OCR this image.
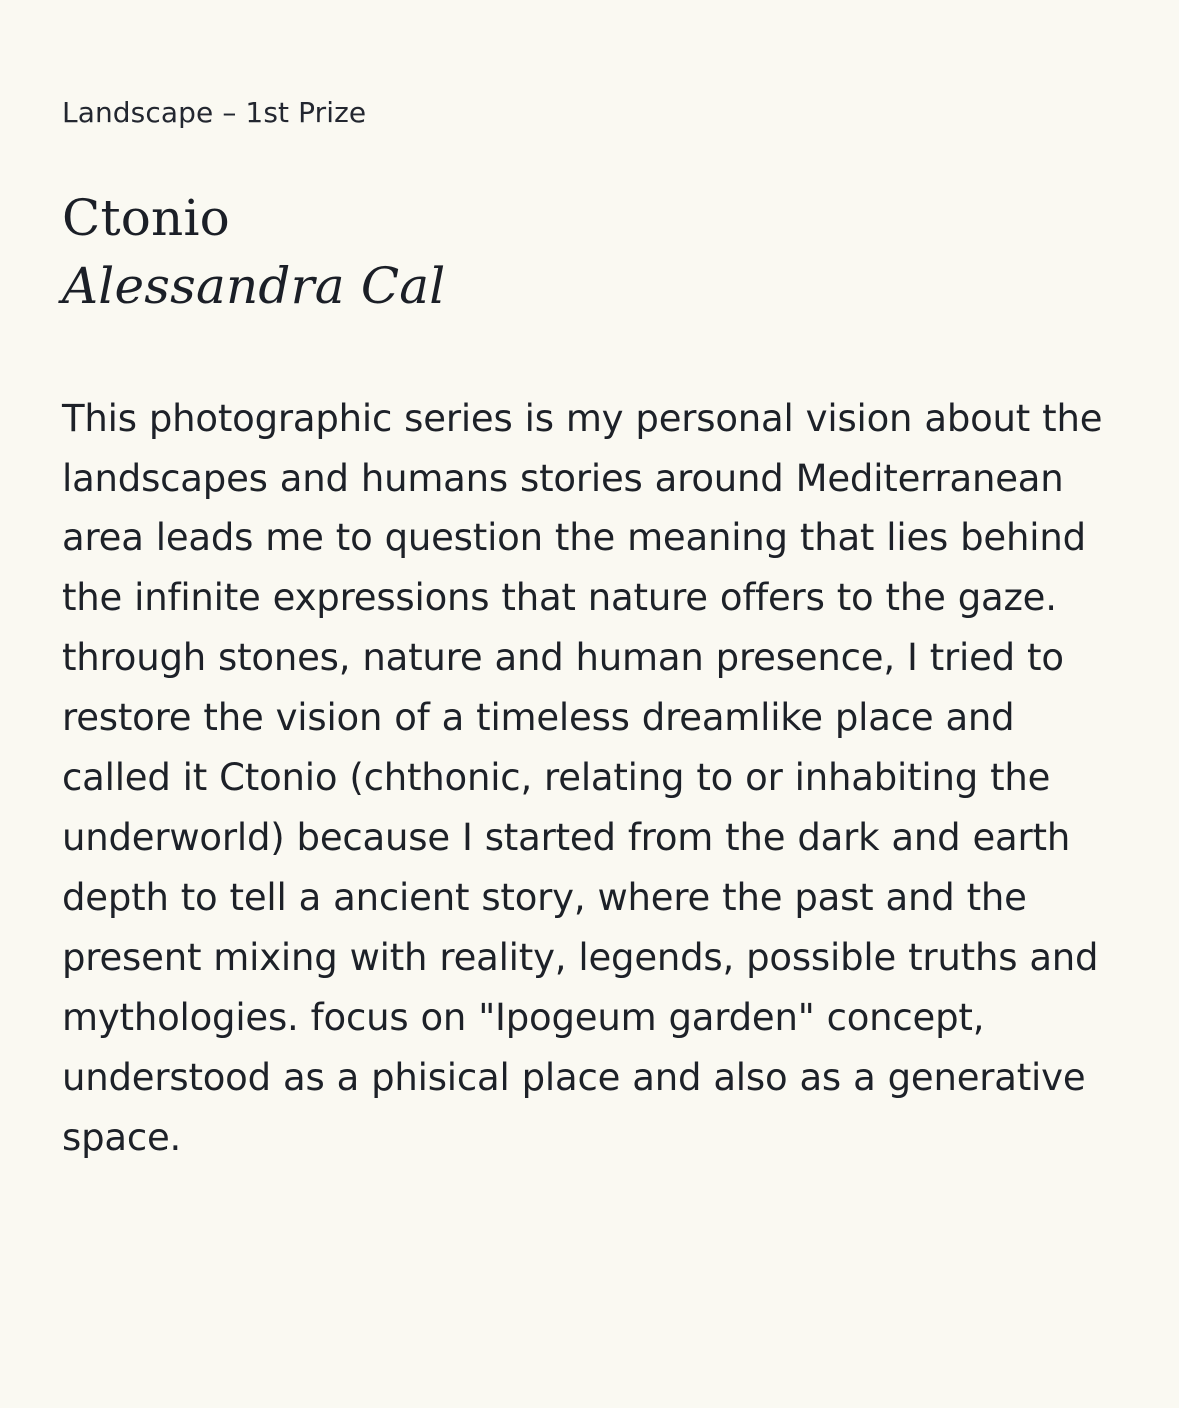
Landscape – 1st Prize
Ctonio
Alessandra Cal

This photographic series is my personal vision about the landscapes and humans stories around Mediterranean area leads me to question the meaning that lies behind the infinite expressions that nature offers to the gaze. through stones, nature and human presence, I tried to restore the vision of a timeless dreamlike place and called it Ctonio (chthonic, relating to or inhabiting the underworld) because I started from the dark and earth depth to tell a ancient story, where the past and the present mixing with reality, legends, possible truths and mythologies. focus on "Ipogeum garden" concept, understood as a phisical place and also as a generative space.
